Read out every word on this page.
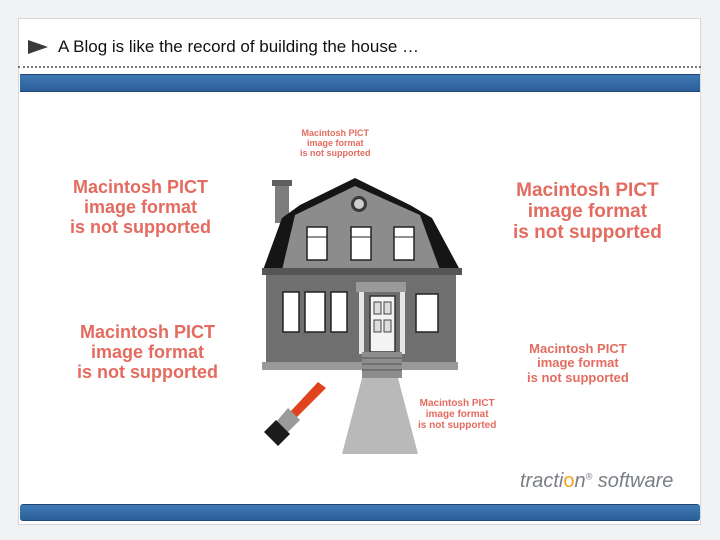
A Blog is like the record of building the house …
Macintosh PICT
image format
is not supported
Macintosh PICT
image format
is not supported
Macintosh PICT
image format
is not supported
Macintosh PICT
image format
is not supported
Macintosh PICT
image format
is not supported
Macintosh PICT
image format
is not supported
traction® software
